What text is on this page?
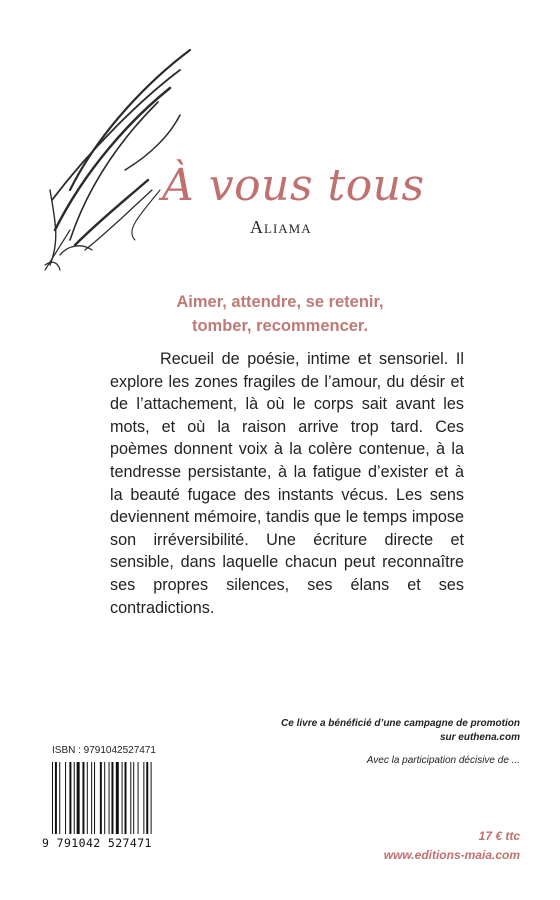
À vous tous
Aliama
Aimer, attendre, se retenir,
tomber, recommencer.

Recueil de poésie, intime et sensoriel. Il explore les zones fragiles de l’amour, du désir et de l’attachement, là où le corps sait avant les mots, et où la raison arrive trop tard. Ces poèmes donnent voix à la colère contenue, à la tendresse persistante, à la fatigue d’exister et à la beauté fugace des instants vécus. Les sens deviennent mémoire, tandis que le temps impose son irréversibilité. Une écriture directe et sensible, dans laquelle chacun peut reconnaître ses propres silences, ses élans et ses contradictions.

Ce livre a bénéficié d’une campagne de promotion
sur euthena.com
Avec la participation décisive de ...
ISBN : 9791042527471
9 791042 527471	17 € ttc
www.editions-maia.com
